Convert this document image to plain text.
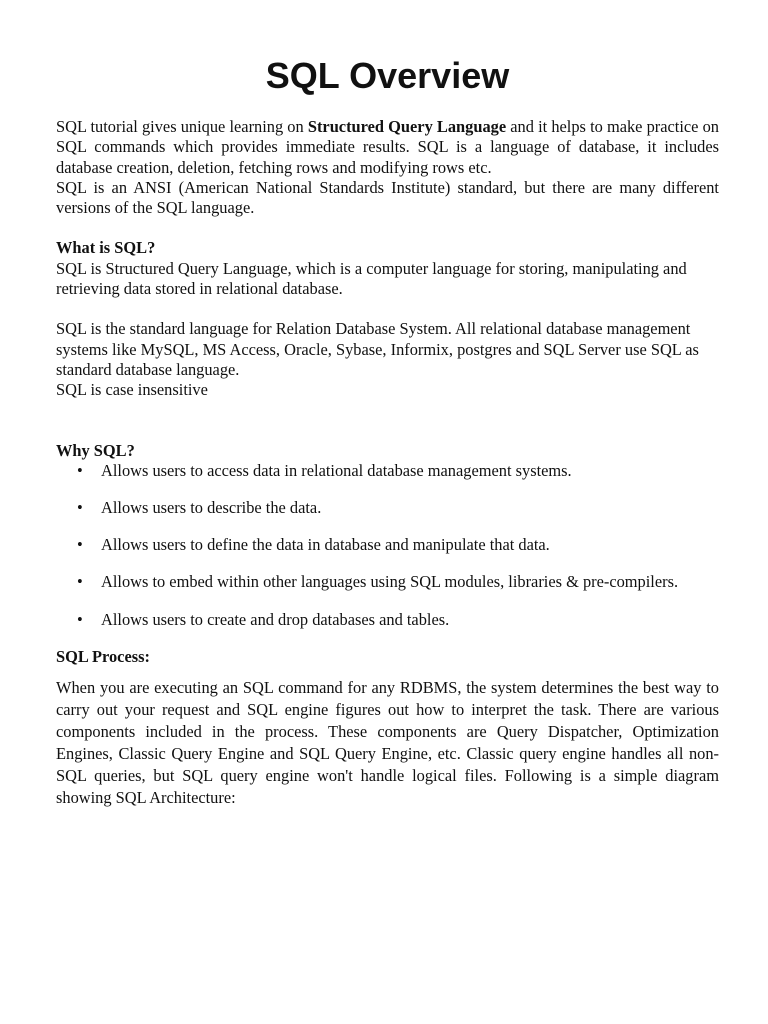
SQL Overview

SQL tutorial gives unique learning on Structured Query Language and it helps to make practice on SQL commands which provides immediate results. SQL is a language of database, it includes database creation, deletion, fetching rows and modifying rows etc.

SQL is an ANSI (American National Standards Institute) standard, but there are many different versions of the SQL language.

What is SQL?

SQL is Structured Query Language, which is a computer language for storing, manipulating and retrieving data stored in relational database.

SQL is the standard language for Relation Database System. All relational database management systems like MySQL, MS Access, Oracle, Sybase, Informix, postgres and SQL Server use SQL as standard database language.

SQL is case insensitive

Why SQL?

• Allows users to access data in relational database management systems.
• Allows users to describe the data.
• Allows users to define the data in database and manipulate that data.
• Allows to embed within other languages using SQL modules, libraries & pre-compilers.
• Allows users to create and drop databases and tables.

SQL Process:

When you are executing an SQL command for any RDBMS, the system determines the best way to carry out your request and SQL engine figures out how to interpret the task. There are various components included in the process. These components are Query Dispatcher, Optimization Engines, Classic Query Engine and SQL Query Engine, etc. Classic query engine handles all non-SQL queries, but SQL query engine won't handle logical files. Following is a simple diagram showing SQL Architecture:
